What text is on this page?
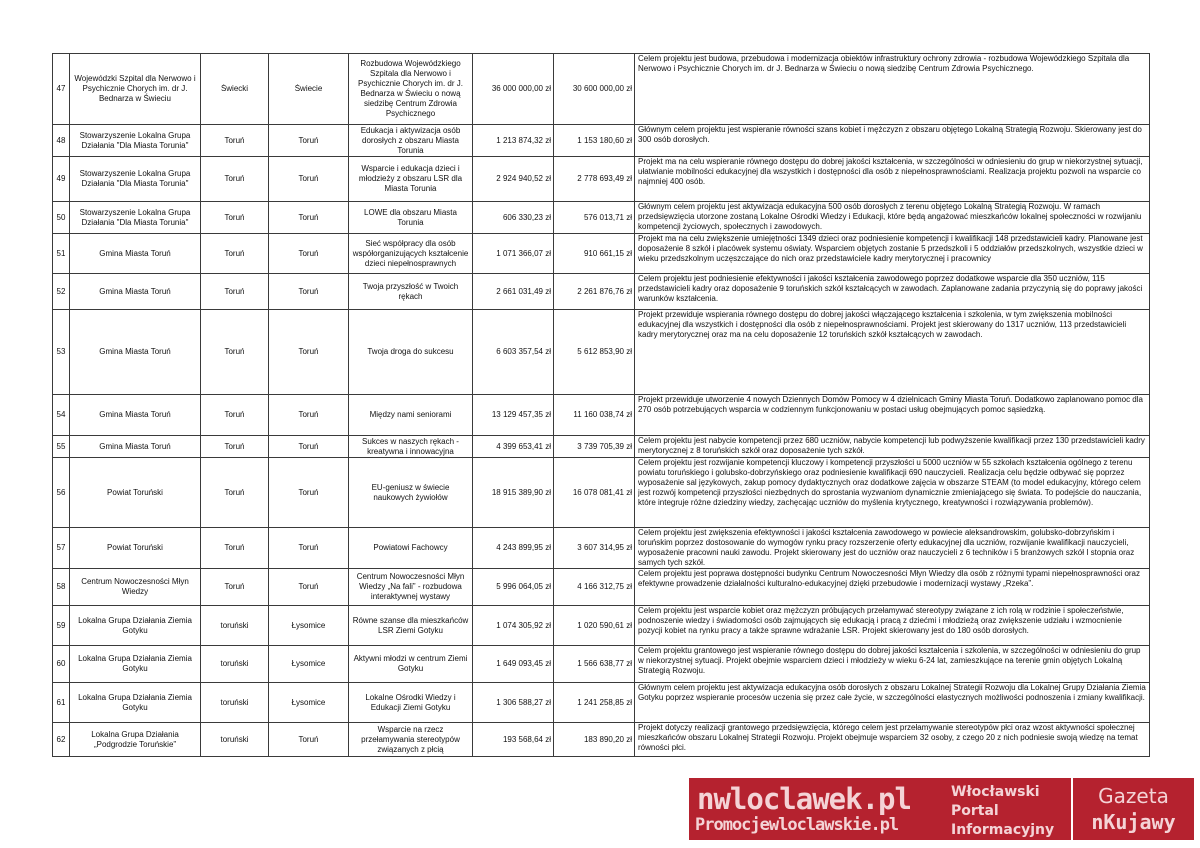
47	Wojewódzki Szpital dla Nerwowo i Psychicznie Chorych im. dr J. Bednarza w Świeciu	Świecki	Świecie	Rozbudowa Wojewódzkiego Szpitala dla Nerwowo i Psychicznie Chorych im. dr J. Bednarza w Świeciu o nową siedzibę Centrum Zdrowia Psychicznego	36 000 000,00 zł	30 600 000,00 zł	Celem projektu jest budowa, przebudowa i modernizacja obiektów infrastruktury ochrony zdrowia - rozbudowa Wojewódzkiego Szpitala dla Nerwowo i Psychicznie Chorych im. dr J. Bednarza w Świeciu o nową siedzibę Centrum Zdrowia Psychicznego.

48	Stowarzyszenie Lokalna Grupa Działania "Dla Miasta Torunia"	Toruń	Toruń	Edukacja i aktywizacja osób dorosłych z obszaru Miasta Torunia	1 213 874,32 zł	1 153 180,60 zł	Głównym celem projektu jest wspieranie równości szans kobiet i mężczyzn z obszaru objętego Lokalną Strategią Rozwoju. Skierowany jest do 300 osób dorosłych.

49	Stowarzyszenie Lokalna Grupa Działania "Dla Miasta Torunia"	Toruń	Toruń	Wsparcie i edukacja dzieci i młodzieży z obszaru LSR dla Miasta Torunia	2 924 940,52 zł	2 778 693,49 zł	Projekt ma na celu wspieranie równego dostępu do dobrej jakości kształcenia, w szczególności w odniesieniu do grup w niekorzystnej sytuacji, ułatwianie mobilności edukacyjnej dla wszystkich i dostępności dla osób z niepełnosprawnościami. Realizacja projektu pozwoli na wsparcie co najmniej 400 osób.

50	Stowarzyszenie Lokalna Grupa Działania "Dla Miasta Torunia"	Toruń	Toruń	LOWE dla obszaru Miasta Torunia	606 330,23 zł	576 013,71 zł	Głównym celem projektu jest aktywizacja edukacyjna 500 osób dorosłych z terenu objętego Lokalną Strategią Rozwoju. W ramach przedsięwzięcia utorzone zostaną Lokalne Ośrodki Wiedzy i Edukacji, które będą angażować mieszkańców lokalnej społeczności w rozwijaniu kompetencji życiowych, społecznych i zawodowych.

51	Gmina Miasta Toruń	Toruń	Toruń	Sieć współpracy dla osób współorganizujących kształcenie dzieci niepełnosprawnych	1 071 366,07 zł	910 661,15 zł	Projekt ma na celu zwiększenie umiejętności 1349 dzieci oraz podniesienie kompetencji i kwalifikacji 148 przedstawicieli kadry. Planowane jest doposażenie 8 szkół i placówek systemu oświaty. Wsparciem objętych zostanie 5 przedszkoli i 5 oddziałów przedszkolnych, wszystkie dzieci w wieku przedszkolnym uczęszczające do nich oraz przedstawiciele kadry merytorycznej i pracownicy

52	Gmina Miasta Toruń	Toruń	Toruń	Twoja przyszłość w Twoich rękach	2 661 031,49 zł	2 261 876,76 zł	Celem projektu jest podniesienie efektywności i jakości kształcenia zawodowego poprzez dodatkowe wsparcie dla 350 uczniów, 115 przedstawicieli kadry oraz doposażenie 9 toruńskich szkół kształcących w zawodach. Zaplanowane zadania przyczynią się do poprawy jakości warunków kształcenia.

53	Gmina Miasta Toruń	Toruń	Toruń	Twoja droga do sukcesu	6 603 357,54 zł	5 612 853,90 zł	Projekt przewiduje wspierania równego dostępu do dobrej jakości włączającego kształcenia i szkolenia, w tym zwiększenia mobilności edukacyjnej dla wszystkich i dostępności dla osób z niepełnosprawnościami. Projekt jest skierowany do 1317 uczniów, 113 przedstawicieli kadry merytorycznej oraz ma na celu doposażenie 12 toruńskich szkół kształcących w zawodach.

54	Gmina Miasta Toruń	Toruń	Toruń	Między nami seniorami	13 129 457,35 zł	11 160 038,74 zł	Projekt przewiduje utworzenie 4 nowych Dziennych Domów Pomocy w 4 dzielnicach Gminy Miasta Toruń. Dodatkowo zaplanowano pomoc dla 270 osób potrzebujących wsparcia w codziennym funkcjonowaniu w postaci usług obejmujących pomoc sąsiedzką.

55	Gmina Miasta Toruń	Toruń	Toruń	Sukces w naszych rękach - kreatywna i innowacyjna	4 399 653,41 zł	3 739 705,39 zł	Celem projektu jest nabycie kompetencji przez 680 uczniów, nabycie kompetencji lub podwyższenie kwalifikacji przez 130 przedstawicieli kadry merytorycznej z 8 toruńskich szkół oraz doposażenie tych szkół.

56	Powiat Toruński	Toruń	Toruń	EU-geniusz w świecie naukowych żywiołów	18 915 389,90 zł	16 078 081,41 zł	Celem projektu jest rozwijanie kompetencji kluczowy i kompetencji przyszłości u 5000 uczniów w 55 szkołach kształcenia ogólnego z terenu powiatu toruńskiego i golubsko-dobrzyńskiego oraz podniesienie kwalifikacji 690 nauczycieli. Realizacja celu będzie odbywać się poprzez wyposażenie sal językowych, zakup pomocy dydaktycznych oraz dodatkowe zajęcia w obszarze STEAM (to model edukacyjny, którego celem jest rozwój kompetencji przyszłości niezbędnych do sprostania wyzwaniom dynamicznie zmieniającego się świata. To podejście do nauczania, które integruje różne dziedziny wiedzy, zachęcając uczniów do myślenia krytycznego, kreatywności i rozwiązywania problemów).

57	Powiat Toruński	Toruń	Toruń	Powiatowi Fachowcy	4 243 899,95 zł	3 607 314,95 zł	Celem projektu jest zwiększenia efektywności i jakości kształcenia zawodowego w powiecie aleksandrowskim, golubsko-dobrzyńskim i toruńskim poprzez dostosowanie do wymogów rynku pracy rozszerzenie oferty edukacyjnej dla uczniów, rozwijanie kwalifikacji nauczycieli, wyposażenie pracowni nauki zawodu. Projekt skierowany jest do uczniów oraz nauczycieli z 6 techników i 5 branżowych szkół I stopnia oraz samych tych szkół.

58	Centrum Nowoczesności Młyn Wiedzy	Toruń	Toruń	Centrum Nowoczesności Młyn Wiedzy „Na fali” - rozbudowa interaktywnej wystawy	5 996 064,05 zł	4 166 312,75 zł	Celem projektu jest poprawa dostępności budynku Centrum Nowoczesności Młyn Wiedzy dla osób z różnymi typami niepełnosprawności oraz efektywne prowadzenie działalności kulturalno-edukacyjnej dzięki przebudowie i modernizacji wystawy „Rzeka”.

59	Lokalna Grupa Działania Ziemia Gotyku	toruński	Łysomice	Równe szanse dla mieszkańców LSR Ziemi Gotyku	1 074 305,92 zł	1 020 590,61 zł	Celem projektu jest wsparcie kobiet oraz mężczyzn próbujących przełamywać stereotypy związane z ich rolą w rodzinie i społeczeństwie, podnoszenie wiedzy i świadomości osób zajmujących się edukacją i pracą z dziećmi i młodzieżą oraz zwiększenie udziału i wzmocnienie pozycji kobiet na rynku pracy a także sprawne wdrażanie LSR. Projekt skierowany jest do 180 osób dorosłych.

60	Lokalna Grupa Działania Ziemia Gotyku	toruński	Łysomice	Aktywni młodzi w centrum Ziemi Gotyku	1 649 093,45 zł	1 566 638,77 zł	Celem projektu grantowego jest wspieranie równego dostępu do dobrej jakości kształcenia i szkolenia, w szczególności w odniesieniu do grup w niekorzystnej sytuacji. Projekt obejmie wsparciem dzieci i młodzieży w wieku 6-24 lat, zamieszkujące na terenie gmin objętych Lokalną Strategią Rozwoju.

61	Lokalna Grupa Działania Ziemia Gotyku	toruński	Łysomice	Lokalne Ośrodki Wiedzy i Edukacji Ziemi Gotyku	1 306 588,27 zł	1 241 258,85 zł	Głównym celem projektu jest aktywizacja edukacyjna osób dorosłych z obszaru Lokalnej Strategii Rozwoju dla Lokalnej Grupy Działania Ziemia Gotyku poprzez wspieranie procesów uczenia się przez całe życie, w szczególności elastycznych możliwości podnoszenia i zmiany kwalifikacji.

62	Lokalna Grupa Działania „Podgrodzie Toruńskie”	toruński	Toruń	Wsparcie na rzecz przełamywania stereotypów związanych z płcią	193 568,64 zł	183 890,20 zł	Projekt dotyczy realizacji grantowego przedsięwzięcia, którego celem jest przełamywanie stereotypów płci oraz wzost aktywności społecznej mieszkańców obszaru Lokalnej Strategii Rozwoju. Projekt obejmuje wsparciem 32 osoby, z czego 20 z nich podniesie swoją wiedzę na temat równości płci.
nwloclawek.pl
Promocjewloclawskie.pl
Włocławski
Portal
Informacyjny
Gazeta
nKujawy
